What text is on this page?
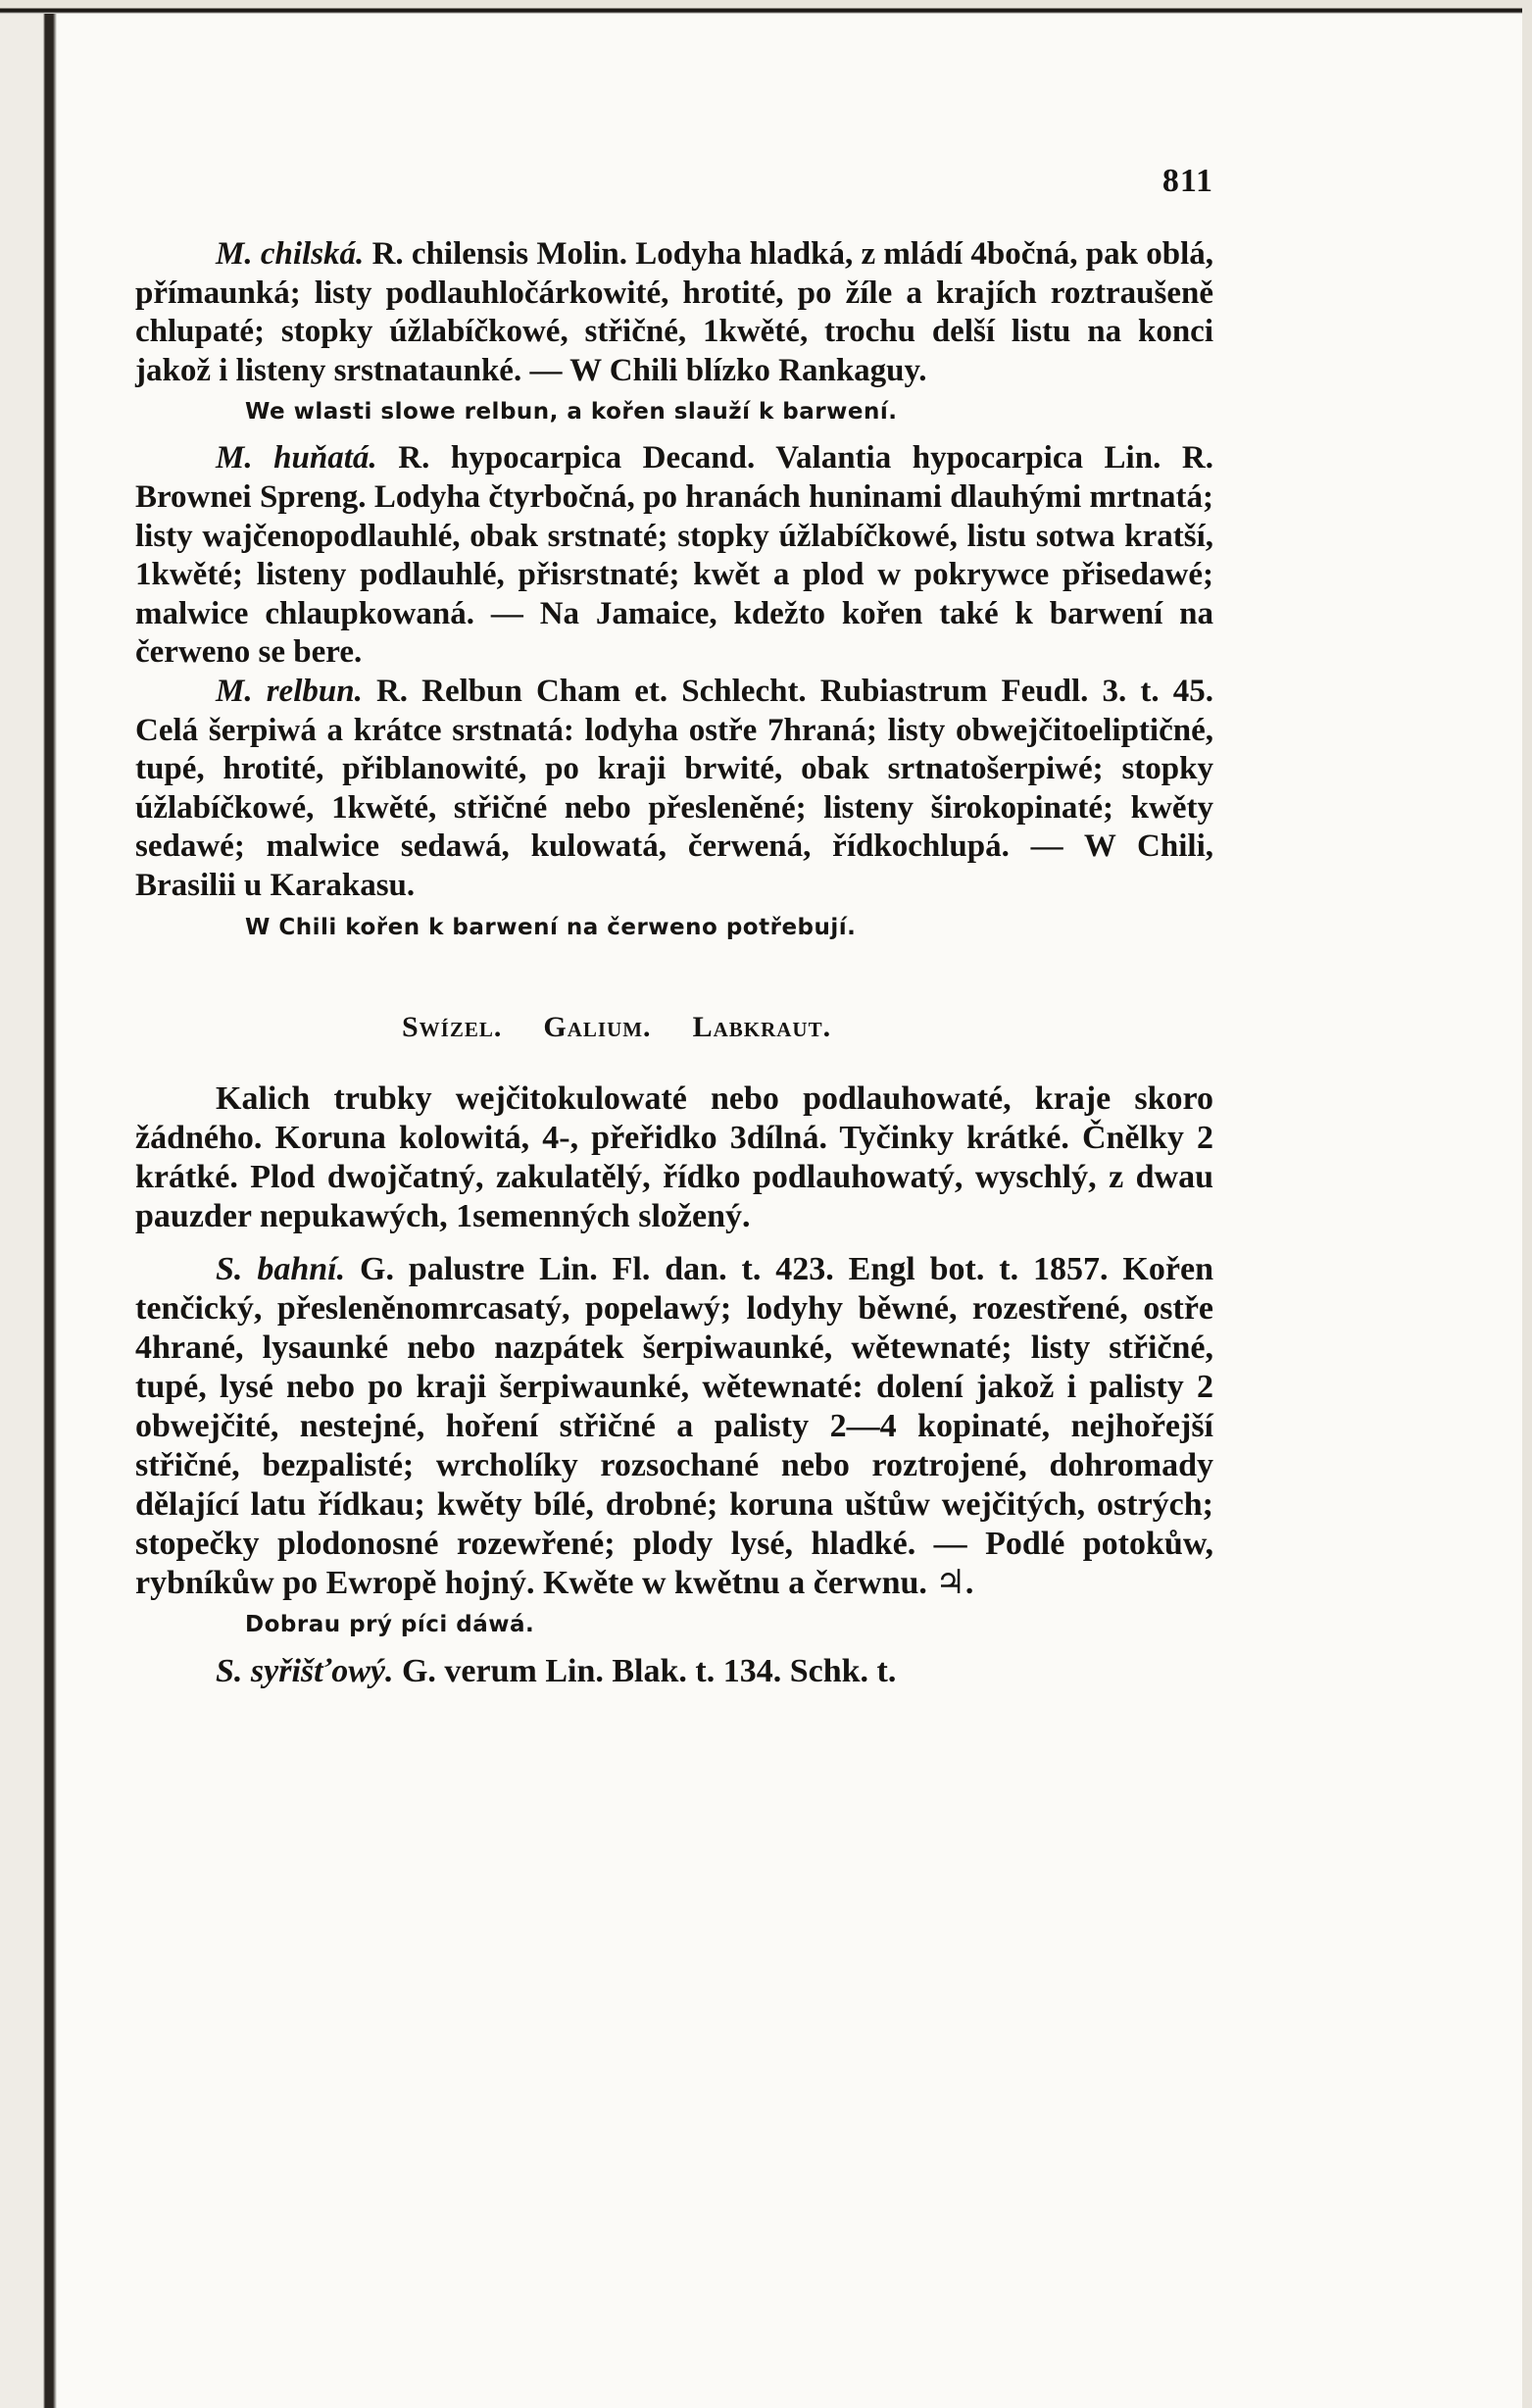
811

M. chilská. R. chilensis Molin. Lodyha hladká, z mládí 4bočná, pak oblá, přímaunká; listy podlauhločárkowité, hrotité, po žíle a krajích roztraušeně chlupaté; stopky úžlabíčkowé, střičné, 1kwěté, trochu delší listu na konci jakož i listeny srstnataunké. — W Chili blízko Rankaguy.

We wlasti slowe relbun, a kořen slauží k barwení.

M. huňatá. R. hypocarpica Decand. Valantia hypocarpica Lin. R. Brownei Spreng. Lodyha čtyrbočná, po hranách huninami dlauhými mrtnatá; listy wajčenopodlauhlé, obak srstnaté; stopky úžlabíčkowé, listu sotwa kratší, 1kwěté; listeny podlauhlé, přisrstnaté; kwět a plod w pokrywce přisedawé; malwice chlaupkowaná. — Na Jamaice, kdežto kořen také k barwení na čerweno se bere.

M. relbun. R. Relbun Cham et. Schlecht. Rubiastrum Feudl. 3. t. 45. Celá šerpiwá a krátce srstnatá: lodyha ostře 7hraná; listy obwejčitoeliptičné, tupé, hrotité, přiblanowité, po kraji brwité, obak srtnatošerpiwé; stopky úžlabíčkowé, 1kwěté, střičné nebo přesleněné; listeny širokopinaté; kwěty sedawé; malwice sedawá, kulowatá, čerwená, řídkochlupá. — W Chili, Brasilii u Karakasu.

W Chili kořen k barwení na čerweno potřebují.

Swízel. Galium. Labkraut.

Kalich trubky wejčitokulowaté nebo podlauhowaté, kraje skoro žádného. Koruna kolowitá, 4-, přeřidko 3dílná. Tyčinky krátké. Čnělky 2 krátké. Plod dwojčatný, zakulatělý, řídko podlauhowatý, wyschlý, z dwau pauzder nepukawých, 1semenných složený.

S. bahní. G. palustre Lin. Fl. dan. t. 423. Engl bot. t. 1857. Kořen tenčický, přesleněnomrcasatý, popelawý; lodyhy běwné, rozestřené, ostře 4hrané, lysaunké nebo nazpátek šerpiwaunké, wětewnaté; listy střičné, tupé, lysé nebo po kraji šerpiwaunké, wětewnaté: dolení jakož i palisty 2 obwejčité, nestejné, hoření střičné a palisty 2—4 kopinaté, nejhořejší střičné, bezpalisté; wrcholíky rozsochané nebo roztrojené, dohromady dělající latu řídkau; kwěty bílé, drobné; koruna uštůw wejčitých, ostrých; stopečky plodonosné rozewřené; plody lysé, hladké. — Podlé potokůw, rybníkůw po Ewropě hojný. Kwěte w kwětnu a čerwnu. ♃.

Dobrau prý píci dáwá.

S. syřišťowý. G. verum Lin. Blak. t. 134. Schk. t.
